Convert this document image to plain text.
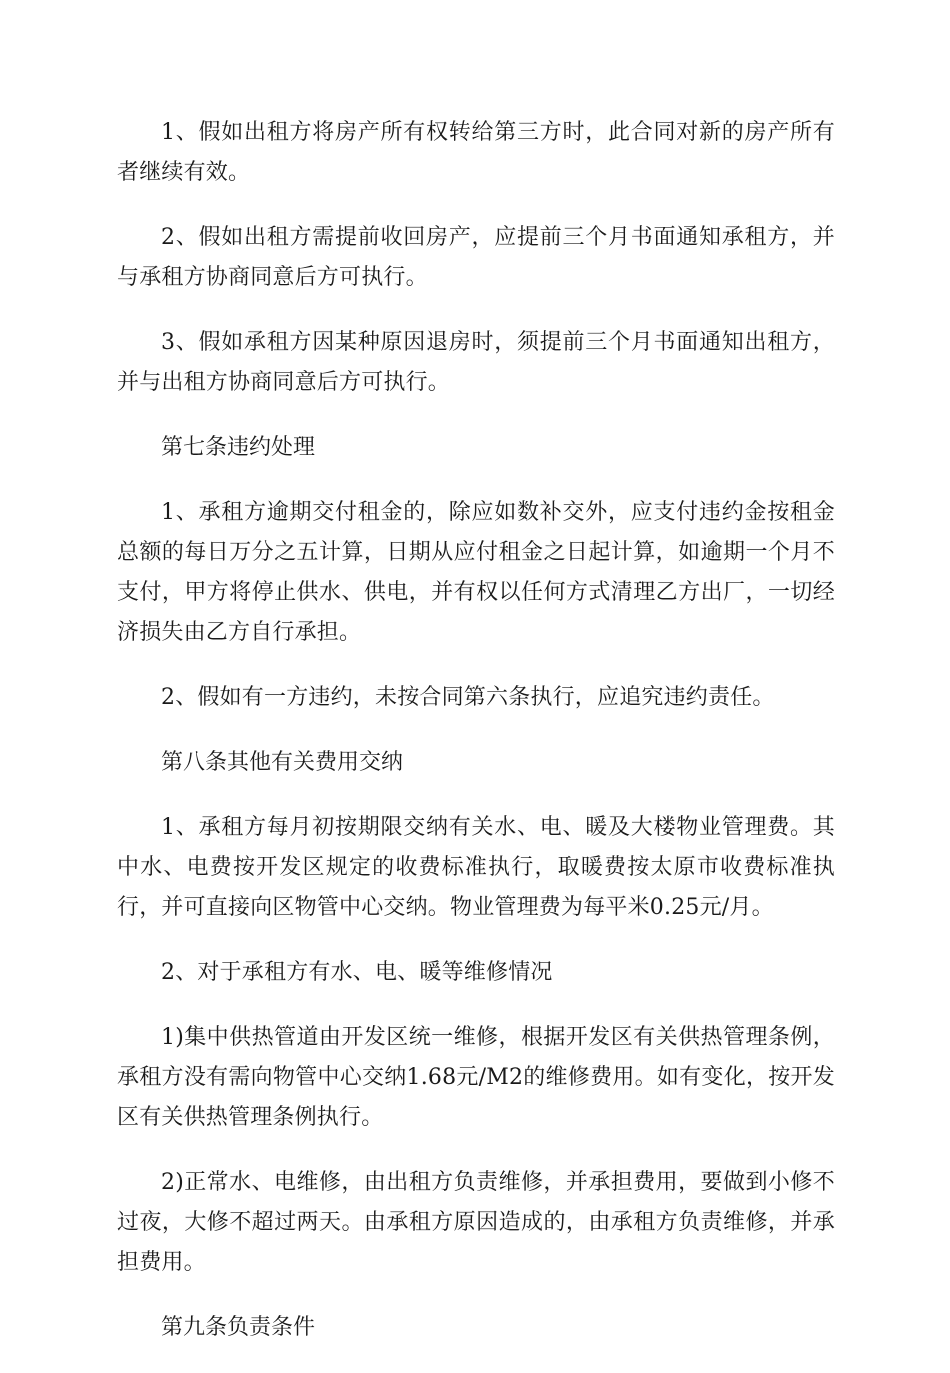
1、假如出租方将房产所有权转给第三方时，此合同对新的房产所有者继续有效。

2、假如出租方需提前收回房产，应提前三个月书面通知承租方，并与承租方协商同意后方可执行。

3、假如承租方因某种原因退房时，须提前三个月书面通知出租方，并与出租方协商同意后方可执行。

第七条违约处理

1、承租方逾期交付租金的，除应如数补交外，应支付违约金按租金总额的每日万分之五计算，日期从应付租金之日起计算，如逾期一个月不支付，甲方将停止供水、供电，并有权以任何方式清理乙方出厂，一切经济损失由乙方自行承担。

2、假如有一方违约，未按合同第六条执行，应追究违约责任。

第八条其他有关费用交纳

1、承租方每月初按期限交纳有关水、电、暖及大楼物业管理费。其中水、电费按开发区规定的收费标准执行，取暖费按太原市收费标准执行，并可直接向区物管中心交纳。物业管理费为每平米0.25元/月。

2、对于承租方有水、电、暖等维修情况

1)集中供热管道由开发区统一维修，根据开发区有关供热管理条例，承租方没有需向物管中心交纳1.68元/M2的维修费用。如有变化，按开发区有关供热管理条例执行。

2)正常水、电维修，由出租方负责维修，并承担费用，要做到小修不过夜，大修不超过两天。由承租方原因造成的，由承租方负责维修，并承担费用。

第九条负责条件
